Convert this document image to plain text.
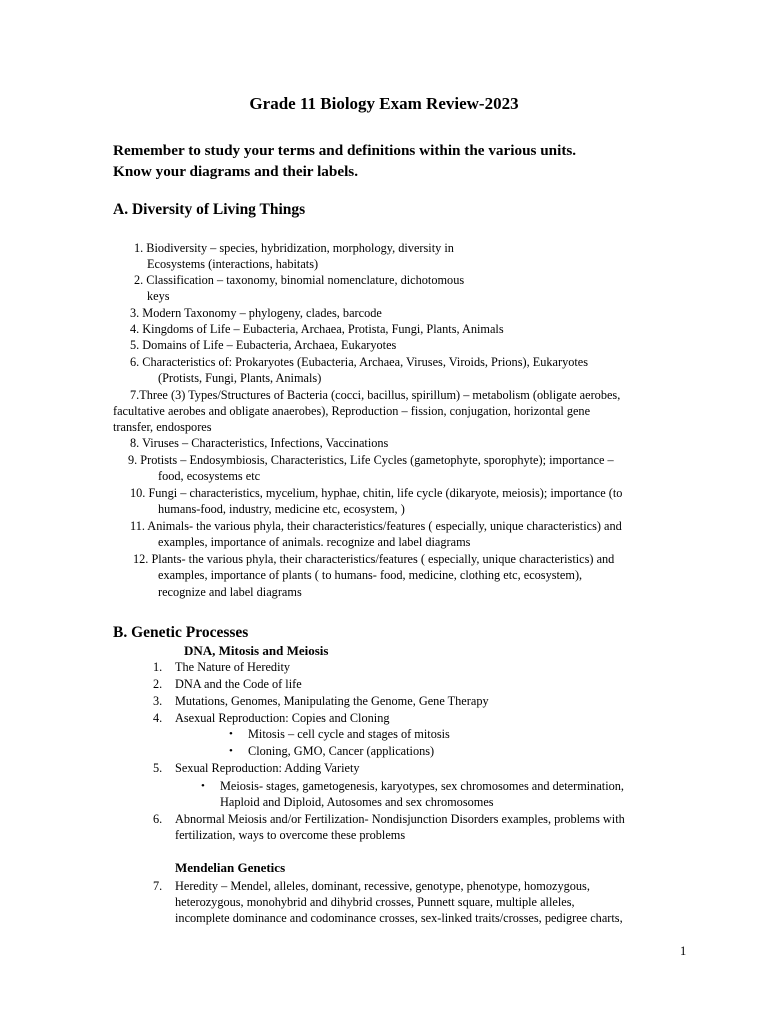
Grade 11 Biology Exam Review-2023
Remember to study your terms and definitions within the various units.
Know your diagrams and their labels.
A. Diversity of Living Things
1. Biodiversity – species, hybridization, morphology, diversity in
Ecosystems (interactions, habitats)
2. Classification – taxonomy, binomial nomenclature, dichotomous
keys
3. Modern Taxonomy – phylogeny, clades, barcode
4. Kingdoms of Life – Eubacteria, Archaea, Protista, Fungi, Plants, Animals
5. Domains of Life – Eubacteria, Archaea, Eukaryotes
6. Characteristics of: Prokaryotes (Eubacteria, Archaea, Viruses, Viroids, Prions), Eukaryotes
(Protists, Fungi, Plants, Animals)
7.Three (3) Types/Structures of Bacteria (cocci, bacillus, spirillum) – metabolism (obligate aerobes,
facultative aerobes and obligate anaerobes), Reproduction – fission, conjugation, horizontal gene
transfer, endospores
8. Viruses – Characteristics, Infections, Vaccinations
9. Protists – Endosymbiosis, Characteristics, Life Cycles (gametophyte, sporophyte); importance –
food, ecosystems etc
10. Fungi – characteristics, mycelium, hyphae, chitin, life cycle (dikaryote, meiosis); importance (to
humans-food, industry, medicine etc, ecosystem, )
11. Animals- the various phyla, their characteristics/features ( especially, unique characteristics) and
examples, importance of animals. recognize and label diagrams
12. Plants- the various phyla, their characteristics/features ( especially, unique characteristics) and
examples, importance of plants ( to humans- food, medicine, clothing etc, ecosystem),
recognize and label diagrams
B. Genetic Processes
DNA, Mitosis and Meiosis
1. The Nature of Heredity
2. DNA and the Code of life
3. Mutations, Genomes, Manipulating the Genome, Gene Therapy
4. Asexual Reproduction: Copies and Cloning
• Mitosis – cell cycle and stages of mitosis
• Cloning, GMO, Cancer (applications)
5. Sexual Reproduction: Adding Variety
• Meiosis- stages, gametogenesis, karyotypes, sex chromosomes and determination,
Haploid and Diploid, Autosomes and sex chromosomes
6. Abnormal Meiosis and/or Fertilization- Nondisjunction Disorders examples, problems with
fertilization, ways to overcome these problems
Mendelian Genetics
7. Heredity – Mendel, alleles, dominant, recessive, genotype, phenotype, homozygous,
heterozygous, monohybrid and dihybrid crosses, Punnett square, multiple alleles,
incomplete dominance and codominance crosses, sex-linked traits/crosses, pedigree charts,
1
